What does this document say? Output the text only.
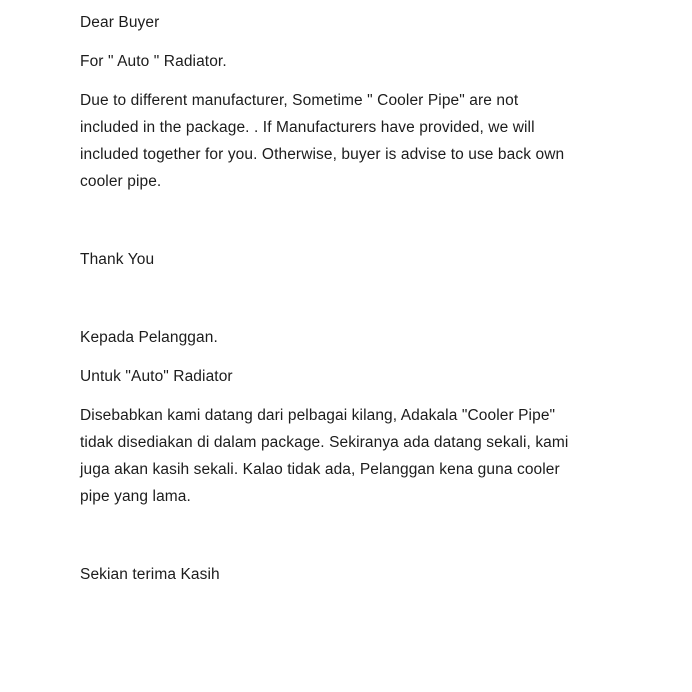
Dear Buyer
For " Auto " Radiator.
Due to different manufacturer, Sometime " Cooler Pipe" are not
included in the package. . If Manufacturers have provided, we will
included together for you. Otherwise, buyer is advise to use back own
cooler pipe.

Thank You

Kepada Pelanggan.
Untuk "Auto" Radiator
Disebabkan kami datang dari pelbagai kilang, Adakala "Cooler Pipe"
tidak disediakan di dalam package. Sekiranya ada datang sekali, kami
juga akan kasih sekali. Kalao tidak ada, Pelanggan kena guna cooler
pipe yang lama.

Sekian terima Kasih
